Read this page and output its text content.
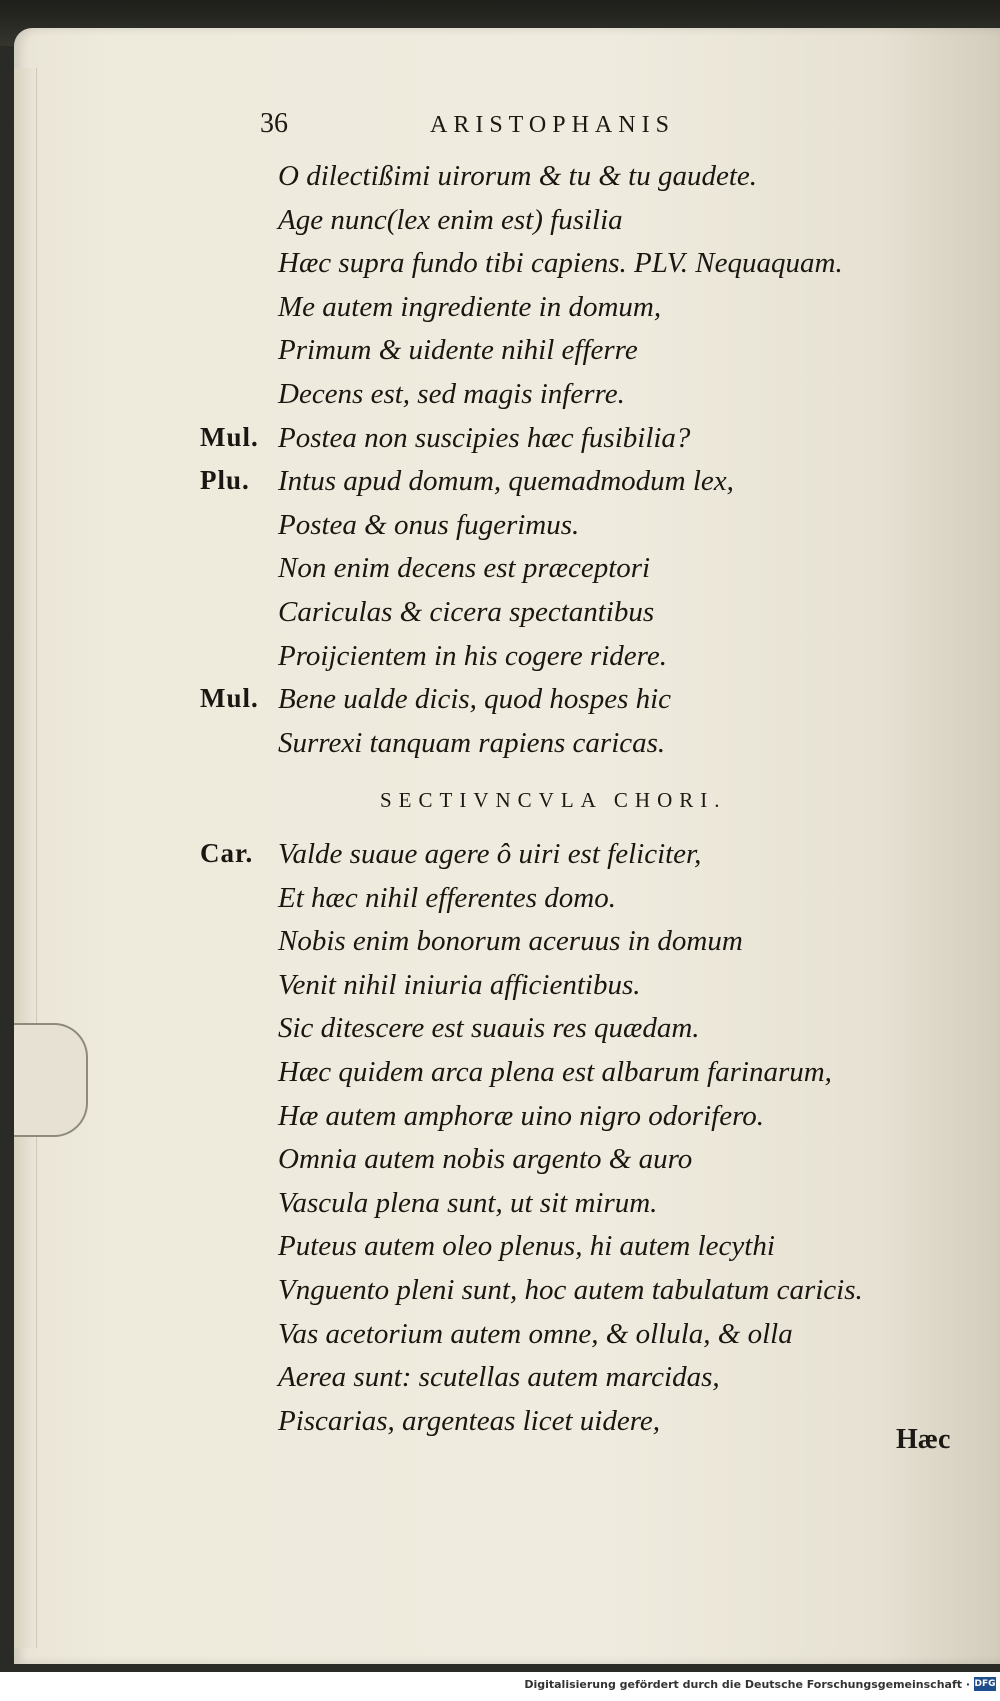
36	ARISTOPHANIS
O dilectißimi uirorum & tu & tu gaudete.
Age nunc(lex enim est) fusilia
Hæc supra fundo tibi capiens. PLV. Nequaquam.
Me autem ingrediente in domum,
Primum & uidente nihil efferre
Decens est, sed magis inferre.
Mul. Postea non suscipies hæc fusibilia?
Plu. Intus apud domum, quemadmodum lex,
Postea & onus fugerimus.
Non enim decens est præceptori
Cariculas & cicera spectantibus
Proijcientem in his cogere ridere.
Mul. Bene ualde dicis, quod hospes hic
Surrexi tanquam rapiens caricas.
SECTIVNCVLA CHORI.
Car. Valde suaue agere ô uiri est feliciter,
Et hæc nihil efferentes domo.
Nobis enim bonorum aceruus in domum
Venit nihil iniuria afficientibus.
Sic ditescere est suauis res quædam.
Hæc quidem arca plena est albarum farinarum,
Hæ autem amphoræ uino nigro odorifero.
Omnia autem nobis argento & auro
Vascula plena sunt, ut sit mirum.
Puteus autem oleo plenus, hi autem lecythi
Vnguento pleni sunt, hoc autem tabulatum caricis.
Vas acetorium autem omne, & ollula, & olla
Aerea sunt: scutellas autem marcidas,
Piscarias, argenteas licet uidere,
Hæc
Digitalisierung gefördert durch die Deutsche Forschungsgemeinschaft · DFG
